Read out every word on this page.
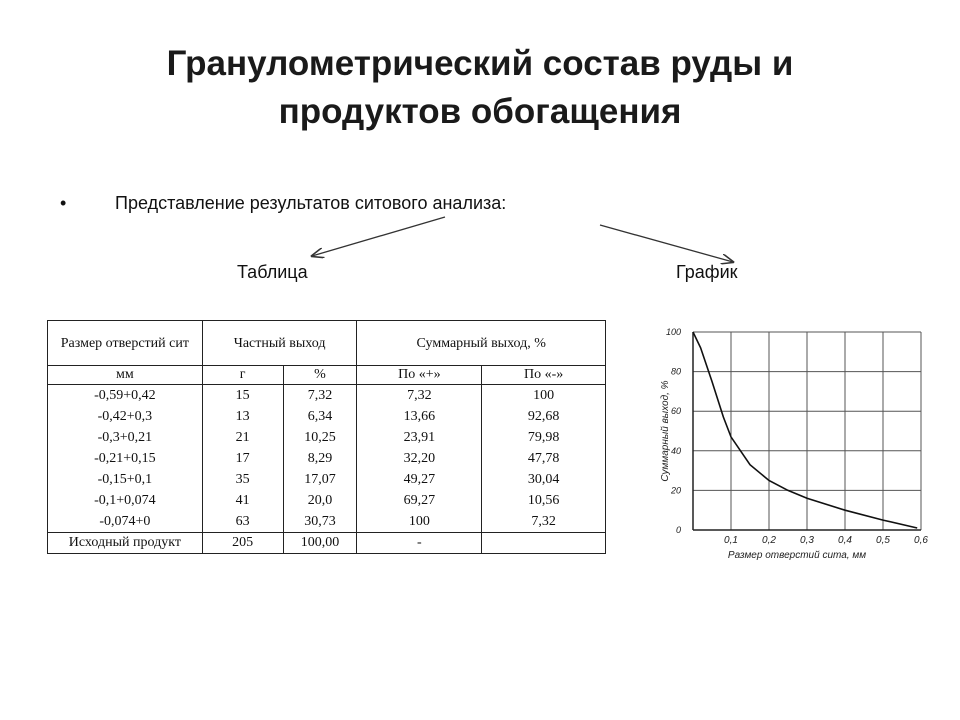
Гранулометрический состав руды и
продуктов обогащения
•	Представление результатов ситового анализа:
Таблица	График
Размер отверстий сит	Частный выход		Суммарный выход, %	
мм	г	%	По «+»	По «-»
-0,59+0,42	15	7,32	7,32	100
-0,42+0,3	13	6,34	13,66	92,68
-0,3+0,21	21	10,25	23,91	79,98
-0,21+0,15	17	8,29	32,20	47,78
-0,15+0,1	35	17,07	49,27	30,04
-0,1+0,074	41	20,0	69,27	10,56
-0,074+0	63	30,73	100	7,32
Исходный продукт	205	100,00	-		0,1 0,2 0,3 0,4 0,5 0,6
0
20
40
60
80
100
Размер отверстий сита, мм
Суммарный выход, %
